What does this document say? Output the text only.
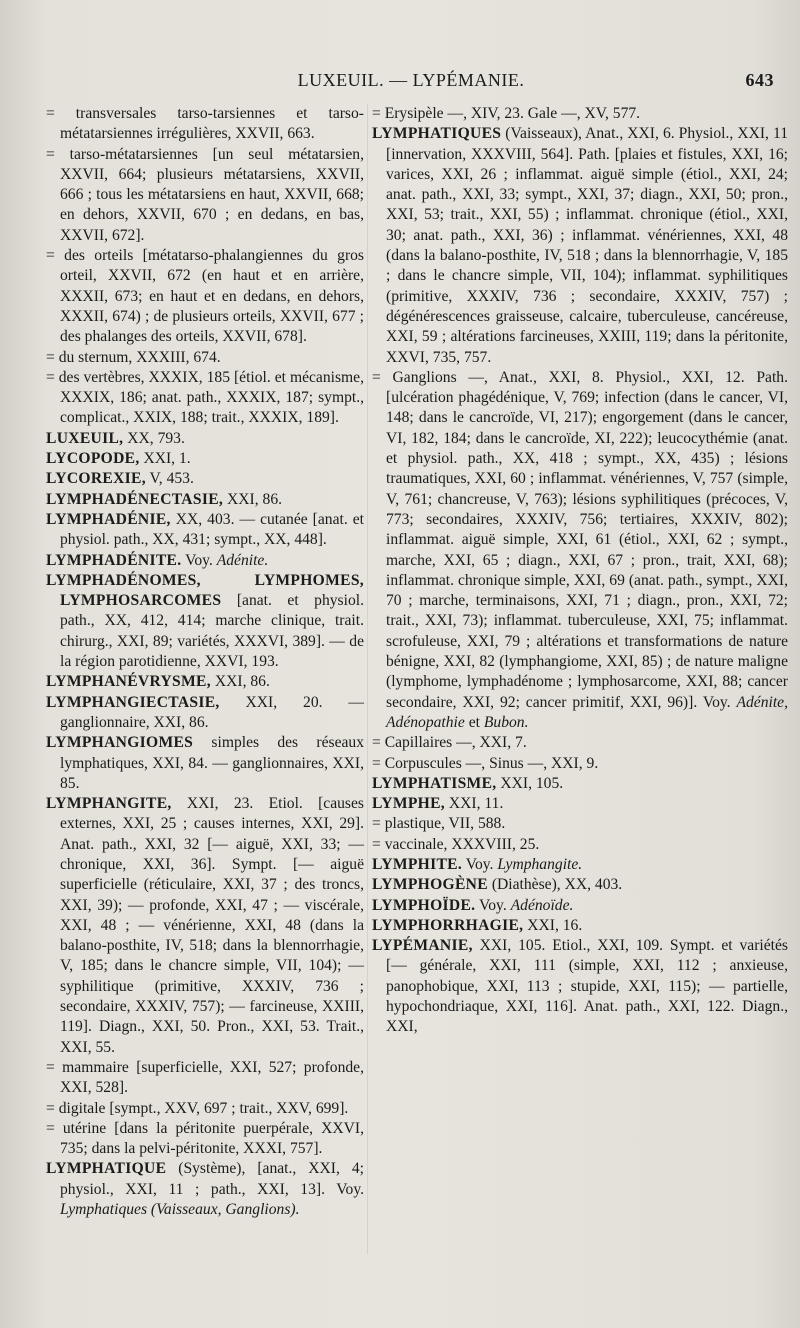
LUXEUIL. — LYPÉMANIE.	643

= transversales tarso-tarsiennes et tarso-métatarsiennes irrégulières, XXVII, 663.

= tarso-métatarsiennes [un seul métatarsien, XXVII, 664; plusieurs métatarsiens, XXVII, 666 ; tous les métatarsiens en haut, XXVII, 668; en dehors, XXVII, 670 ; en dedans, en bas, XXVII, 672].

= des orteils [métatarso-phalangiennes du gros orteil, XXVII, 672 (en haut et en arrière, XXXII, 673; en haut et en dedans, en dehors, XXXII, 674) ; de plusieurs orteils, XXVII, 677 ; des phalanges des orteils, XXVII, 678].

= du sternum, XXXIII, 674.

= des vertèbres, XXXIX, 185 [étiol. et mécanisme, XXXIX, 186; anat. path., XXXIX, 187; sympt., complicat., XXIX, 188; trait., XXXIX, 189].

LUXEUIL, XX, 793.

LYCOPODE, XXI, 1.

LYCOREXIE, V, 453.

LYMPHADÉNECTASIE, XXI, 86.

LYMPHADÉNIE, XX, 403. — cutanée [anat. et physiol. path., XX, 431; sympt., XX, 448].

LYMPHADÉNITE. Voy. Adénite.

LYMPHADÉNOMES, LYMPHOMES, LYMPHOSARCOMES [anat. et physiol. path., XX, 412, 414; marche clinique, trait. chirurg., XXI, 89; variétés, XXXVI, 389]. — de la région parotidienne, XXVI, 193.

LYMPHANÉVRYSME, XXI, 86.

LYMPHANGIECTASIE, XXI, 20. — ganglionnaire, XXI, 86.

LYMPHANGIOMES simples des réseaux lymphatiques, XXI, 84. — ganglionnaires, XXI, 85.

LYMPHANGITE, XXI, 23. Etiol. [causes externes, XXI, 25 ; causes internes, XXI, 29]. Anat. path., XXI, 32 [— aiguë, XXI, 33; — chronique, XXI, 36]. Sympt. [— aiguë superficielle (réticulaire, XXI, 37 ; des troncs, XXI, 39); — profonde, XXI, 47 ; — viscérale, XXI, 48 ; — vénérienne, XXI, 48 (dans la balano-posthite, IV, 518; dans la blennorrhagie, V, 185; dans le chancre simple, VII, 104); — syphilitique (primitive, XXXIV, 736 ; secondaire, XXXIV, 757); — farcineuse, XXIII, 119]. Diagn., XXI, 50. Pron., XXI, 53. Trait., XXI, 55.

= mammaire [superficielle, XXI, 527; profonde, XXI, 528].

= digitale [sympt., XXV, 697 ; trait., XXV, 699].

= utérine [dans la péritonite puerpérale, XXVI, 735; dans la pelvi-péritonite, XXXI, 757].

LYMPHATIQUE (Système), [anat., XXI, 4; physiol., XXI, 11 ; path., XXI, 13]. Voy. Lymphatiques (Vaisseaux, Ganglions).

= Erysipèle —, XIV, 23. Gale —, XV, 577.

LYMPHATIQUES (Vaisseaux), Anat., XXI, 6. Physiol., XXI, 11 [innervation, XXXVIII, 564]. Path. [plaies et fistules, XXI, 16; varices, XXI, 26 ; inflammat. aiguë simple (étiol., XXI, 24; anat. path., XXI, 33; sympt., XXI, 37; diagn., XXI, 50; pron., XXI, 53; trait., XXI, 55) ; inflammat. chronique (étiol., XXI, 30; anat. path., XXI, 36) ; inflammat. vénériennes, XXI, 48 (dans la balano-posthite, IV, 518 ; dans la blennorrhagie, V, 185 ; dans le chancre simple, VII, 104); inflammat. syphilitiques (primitive, XXXIV, 736 ; secondaire, XXXIV, 757) ; dégénérescences graisseuse, calcaire, tuberculeuse, cancéreuse, XXI, 59 ; altérations farcineuses, XXIII, 119; dans la péritonite, XXVI, 735, 757.

= Ganglions —, Anat., XXI, 8. Physiol., XXI, 12. Path. [ulcération phagédénique, V, 769; infection (dans le cancer, VI, 148; dans le cancroïde, VI, 217); engorgement (dans le cancer, VI, 182, 184; dans le cancroïde, XI, 222); leucocythémie (anat. et physiol. path., XX, 418 ; sympt., XX, 435) ; lésions traumatiques, XXI, 60 ; inflammat. vénériennes, V, 757 (simple, V, 761; chancreuse, V, 763); lésions syphilitiques (précoces, V, 773; secondaires, XXXIV, 756; tertiaires, XXXIV, 802); inflammat. aiguë simple, XXI, 61 (étiol., XXI, 62 ; sympt., marche, XXI, 65 ; diagn., XXI, 67 ; pron., trait, XXI, 68); inflammat. chronique simple, XXI, 69 (anat. path., sympt., XXI, 70 ; marche, terminaisons, XXI, 71 ; diagn., pron., XXI, 72; trait., XXI, 73); inflammat. tuberculeuse, XXI, 75; inflammat. scrofuleuse, XXI, 79 ; altérations et transformations de nature bénigne, XXI, 82 (lymphangiome, XXI, 85) ; de nature maligne (lymphome, lymphadénome ; lymphosarcome, XXI, 88; cancer secondaire, XXI, 92; cancer primitif, XXI, 96)]. Voy. Adénite, Adénopathie et Bubon.

= Capillaires —, XXI, 7.

= Corpuscules —, Sinus —, XXI, 9.

LYMPHATISME, XXI, 105.

LYMPHE, XXI, 11.

= plastique, VII, 588.

= vaccinale, XXXVIII, 25.

LYMPHITE. Voy. Lymphangite.

LYMPHOGÈNE (Diathèse), XX, 403.

LYMPHOÏDE. Voy. Adénoïde.

LYMPHORRHAGIE, XXI, 16.

LYPÉMANIE, XXI, 105. Etiol., XXI, 109. Sympt. et variétés [— générale, XXI, 111 (simple, XXI, 112 ; anxieuse, panophobique, XXI, 113 ; stupide, XXI, 115); — partielle, hypochondriaque, XXI, 116]. Anat. path., XXI, 122. Diagn., XXI,
